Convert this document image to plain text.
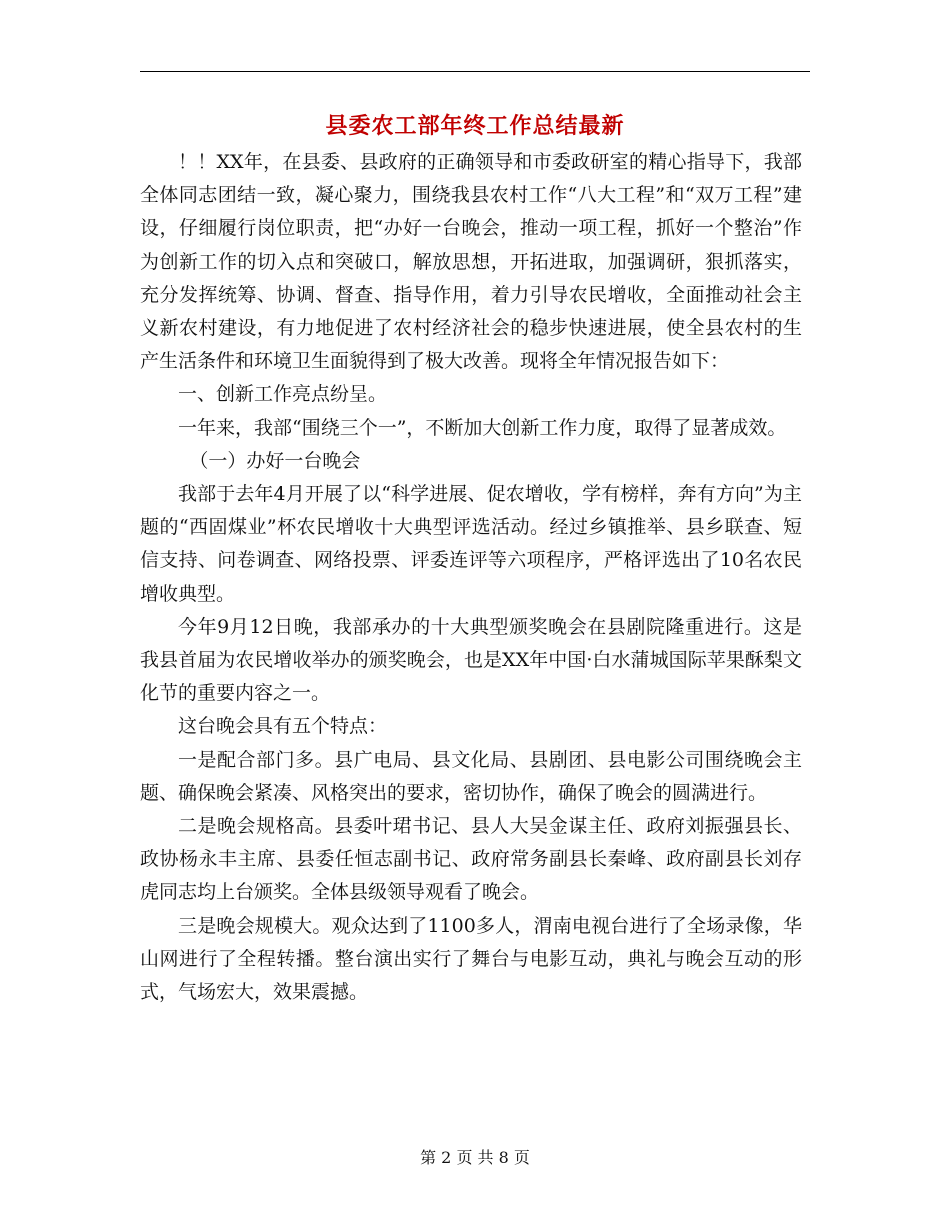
县委农工部年终工作总结最新

！！XX年，在县委、县政府的正确领导和市委政研室的精心指导下，我部全体同志团结一致，凝心聚力，围绕我县农村工作“八大工程”和“双万工程”建设，仔细履行岗位职责，把“办好一台晚会，推动一项工程，抓好一个整治”作为创新工作的切入点和突破口，解放思想，开拓进取，加强调研，狠抓落实，充分发挥统筹、协调、督查、指导作用，着力引导农民增收，全面推动社会主义新农村建设，有力地促进了农村经济社会的稳步快速进展，使全县农村的生产生活条件和环境卫生面貌得到了极大改善。现将全年情况报告如下：

一、创新工作亮点纷呈。

一年来，我部“围绕三个一”，不断加大创新工作力度，取得了显著成效。

（一）办好一台晚会

我部于去年4月开展了以“科学进展、促农增收，学有榜样，奔有方向”为主题的“西固煤业”杯农民增收十大典型评选活动。经过乡镇推举、县乡联查、短信支持、问卷调查、网络投票、评委连评等六项程序，严格评选出了10名农民增收典型。

今年9月12日晚，我部承办的十大典型颁奖晚会在县剧院隆重进行。这是我县首届为农民增收举办的颁奖晚会，也是XX年中国·白水蒲城国际苹果酥梨文化节的重要内容之一。

这台晚会具有五个特点：

一是配合部门多。县广电局、县文化局、县剧团、县电影公司围绕晚会主题、确保晚会紧凑、风格突出的要求，密切协作，确保了晚会的圆满进行。

二是晚会规格高。县委叶珺书记、县人大吴金谋主任、政府刘振强县长、政协杨永丰主席、县委任恒志副书记、政府常务副县长秦峰、政府副县长刘存虎同志均上台颁奖。全体县级领导观看了晚会。

三是晚会规模大。观众达到了1100多人，渭南电视台进行了全场录像，华山网进行了全程转播。整台演出实行了舞台与电影互动，典礼与晚会互动的形式，气场宏大，效果震撼。

第 2 页 共 8 页
